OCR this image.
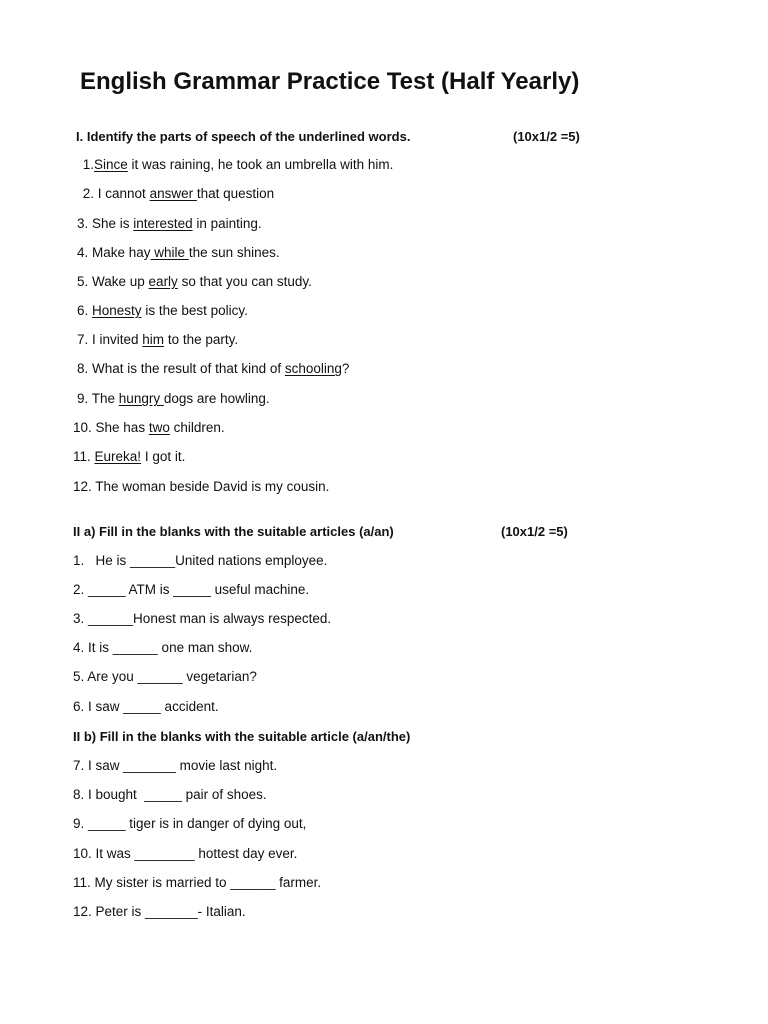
English Grammar Practice Test (Half Yearly)
I. Identify the parts of speech of the underlined words.	(10x1/2 =5)
1.Since it was raining, he took an umbrella with him.
2. I cannot answer that question
3. She is interested in painting.
4. Make hay while the sun shines.
5. Wake up early so that you can study.
6. Honesty is the best policy.
7. I invited him to the party.
8. What is the result of that kind of schooling?
9. The hungry dogs are howling.
10. She has two children.
11. Eureka! I got it.
12. The woman beside David is my cousin.
II a) Fill in the blanks with the suitable articles (a/an)	(10x1/2 =5)
1.   He is ______United nations employee.
2. _____ ATM is _____ useful machine.
3. ______Honest man is always respected.
4. It is ______ one man show.
5. Are you ______ vegetarian?
6. I saw _____ accident.
II b) Fill in the blanks with the suitable article (a/an/the)
7. I saw _______ movie last night.
8. I bought  _____ pair of shoes.
9. _____ tiger is in danger of dying out,
10. It was ________ hottest day ever.
11. My sister is married to ______ farmer.
12. Peter is _______- Italian.
